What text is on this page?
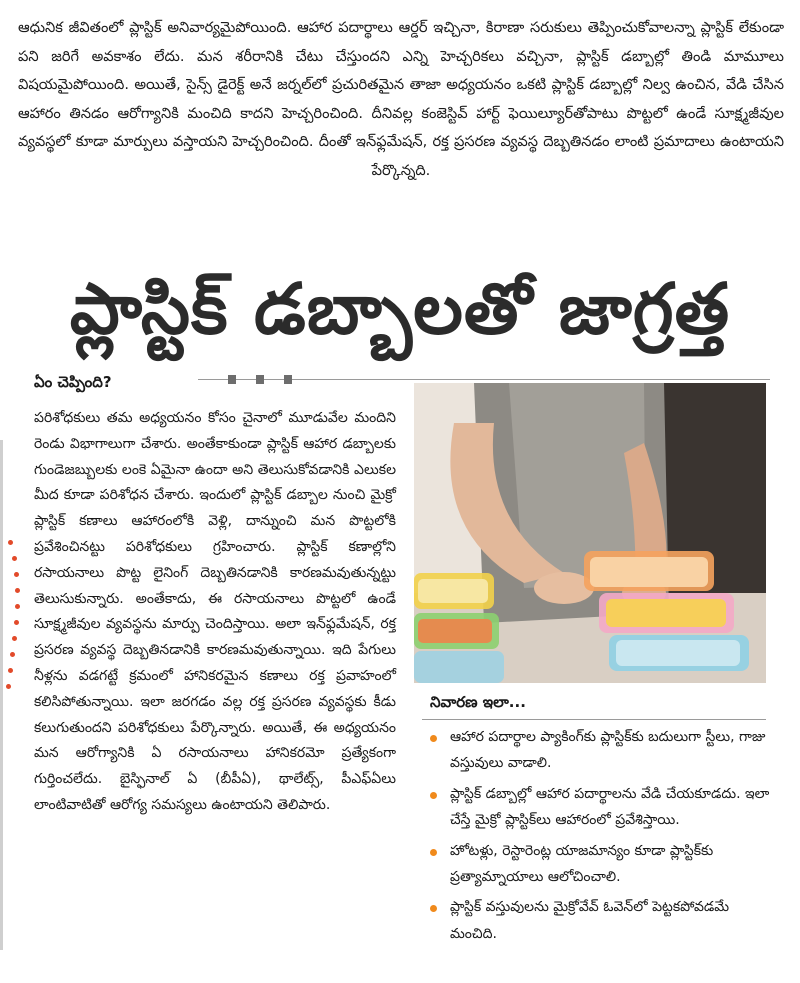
ఆధునిక జీవితంలో ప్లాస్టిక్ అనివార్యమైపోయింది. ఆహార పదార్థాలు ఆర్డర్ ఇచ్చినా, కిరాణా సరుకులు తెప్పించుకోవాలన్నా ప్లాస్టిక్ లేకుండా పని జరిగే అవకాశం లేదు. మన శరీరానికి చేటు చేస్తుందని ఎన్ని హెచ్చరికలు వచ్చినా, ప్లాస్టిక్ డబ్బాల్లో తిండి మామూలు విషయమైపోయింది. అయితే, సైన్స్ డైరెక్ట్ అనే జర్నల్‌లో ప్రచురితమైన తాజా అధ్యయనం ఒకటి ప్లాస్టిక్ డబ్బాల్లో నిల్వ ఉంచిన, వేడి చేసిన ఆహారం తినడం ఆరోగ్యానికి మంచిది కాదని హెచ్చరించింది. దీనివల్ల కంజెస్టివ్ హార్ట్ ఫెయిల్యూర్‌తోపాటు పొట్టలో ఉండే సూక్ష్మజీవుల వ్యవస్థలో కూడా మార్పులు వస్తాయని హెచ్చరించింది. దీంతో ఇన్‌ఫ్లమేషన్, రక్త ప్రసరణ వ్యవస్థ దెబ్బతినడం లాంటి ప్రమాదాలు ఉంటాయని పేర్కొన్నది.

ప్లాస్టిక్ డబ్బాలతో జాగ్రత్త
ఏం చెప్పింది?

పరిశోధకులు తమ అధ్యయనం కోసం చైనాలో మూడువేల మందిని రెండు విభాగాలుగా చేశారు. అంతేకాకుండా ప్లాస్టిక్ ఆహార డబ్బాలకు గుండెజబ్బులకు లంకె ఏమైనా ఉందా అని తెలుసుకోవడానికి ఎలుకల మీద కూడా పరిశోధన చేశారు. ఇందులో ప్లాస్టిక్ డబ్బాల నుంచి మైక్రో ప్లాస్టిక్ కణాలు ఆహారంలోకి వెళ్లి, దాన్నుంచి మన పొట్టలోకి ప్రవేశించినట్టు పరిశోధకులు గ్రహించారు. ప్లాస్టిక్ కణాల్లోని రసాయనాలు పొట్ట లైనింగ్ దెబ్బతినడానికి కారణమవుతున్నట్టు తెలుసుకున్నారు. అంతేకాదు, ఈ రసాయనాలు పొట్టలో ఉండే సూక్ష్మజీవుల వ్యవస్థను మార్పు చెందిస్తాయి. అలా ఇన్‌ఫ్లమేషన్, రక్త ప్రసరణ వ్యవస్థ దెబ్బతినడానికి కారణమవుతున్నాయి. ఇది పేగులు నీళ్లను వడగట్టే క్రమంలో హానికరమైన కణాలు రక్త ప్రవాహంలో కలిసిపోతున్నాయి. ఇలా జరగడం వల్ల రక్త ప్రసరణ వ్యవస్థకు కీడు కలుగుతుందని పరిశోధకులు పేర్కొన్నారు. అయితే, ఈ అధ్యయనం మన ఆరోగ్యానికి ఏ రసాయనాలు హానికరమో ప్రత్యేకంగా గుర్తించలేదు. బైస్ఫినాల్ ఏ (బీపీఏ), థాలేట్స్, పీఎఫ్ఏలు లాంటివాటితో ఆరోగ్య సమస్యలు ఉంటాయని తెలిపారు.

నివారణ ఇలా...
ఆహార పదార్థాల ప్యాకింగ్‌కు ప్లాస్టిక్‌కు బదులుగా స్టీలు, గాజు వస్తువులు వాడాలి.
ప్లాస్టిక్ డబ్బాల్లో ఆహార పదార్థాలను వేడి చేయకూడదు. ఇలా చేస్తే మైక్రో ప్లాస్టిక్‌లు ఆహారంలో ప్రవేశిస్తాయి.
హోటళ్లు, రెస్టారెంట్ల యాజమాన్యం కూడా ప్లాస్టిక్‌కు ప్రత్యామ్నాయాలు ఆలోచించాలి.
ప్లాస్టిక్ వస్తువులను మైక్రోవేవ్ ఓవెన్‌లో పెట్టకపోవడమే మంచిది.
